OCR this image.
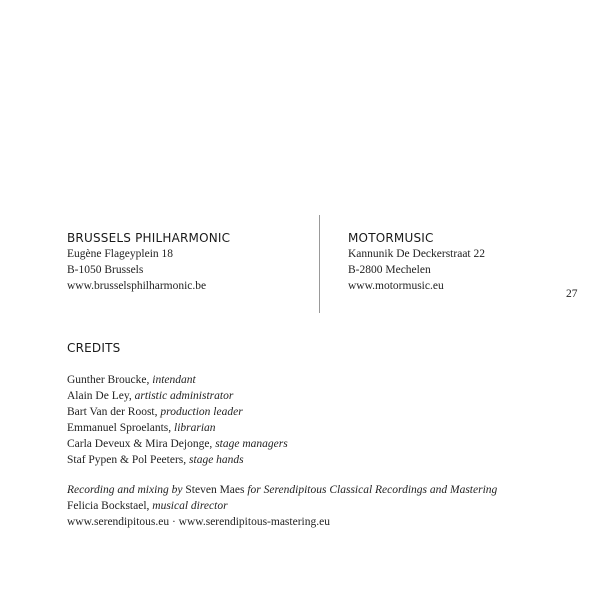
BRUSSELS PHILHARMONIC
Eugène Flageyplein 18
B-1050 Brussels
www.brusselsphilharmonic.be
MOTORMUSIC
Kannunik De Deckerstraat 22
B-2800 Mechelen
www.motormusic.eu
27
CREDITS
Gunther Broucke, intendant
Alain De Ley, artistic administrator
Bart Van der Roost, production leader
Emmanuel Sproelants, librarian
Carla Deveux & Mira Dejonge, stage managers
Staf Pypen & Pol Peeters, stage hands
Recording and mixing by Steven Maes for Serendipitous Classical Recordings and Mastering
Felicia Bockstael, musical director
www.serendipitous.eu · www.serendipitous-mastering.eu
